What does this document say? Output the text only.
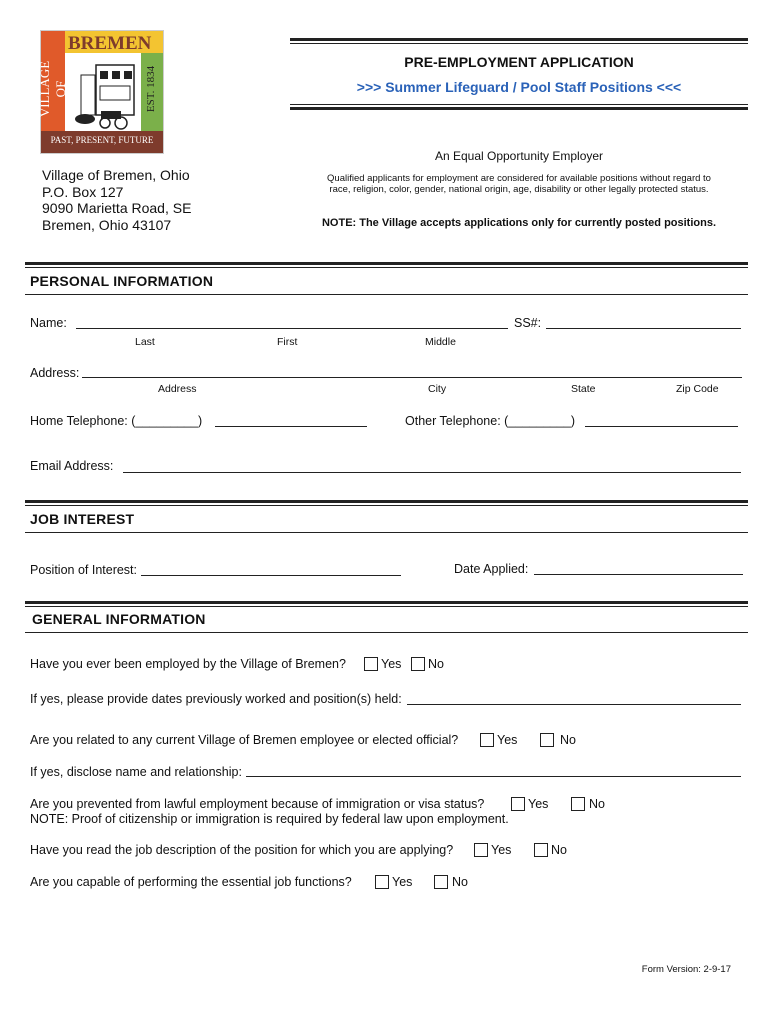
BREMEN
VILLAGE OF	EST. 1834
PAST, PRESENT, FUTURE
PRE-EMPLOYMENT APPLICATION
>>> Summer Lifeguard / Pool Staff Positions <<<
An Equal Opportunity Employer
Qualified applicants for employment are considered for available positions without regard to
race, religion, color, gender, national origin, age, disability or other legally protected status.
NOTE: The Village accepts applications only for currently posted positions.
Village of Bremen, Ohio
P.O. Box 127
9090 Marietta Road, SE
Bremen, Ohio 43107
PERSONAL INFORMATION
Name:	SS#:
Last	First	Middle
Address:
Address	City	State	Zip Code
Home Telephone: (_________)	Other Telephone: (_________)
Email Address:
JOB INTEREST
Position of Interest:	Date Applied:
GENERAL INFORMATION
Have you ever been employed by the Village of Bremen?	Yes No
If yes, please provide dates previously worked and position(s) held:
Are you related to any current Village of Bremen employee or elected official?	Yes	No
If yes, disclose name and relationship:
Are you prevented from lawful employment because of immigration or visa status?	Yes	No
NOTE: Proof of citizenship or immigration is required by federal law upon employment.
Have you read the job description of the position for which you are applying?	Yes	No
Are you capable of performing the essential job functions?	Yes	No
Form Version: 2-9-17
